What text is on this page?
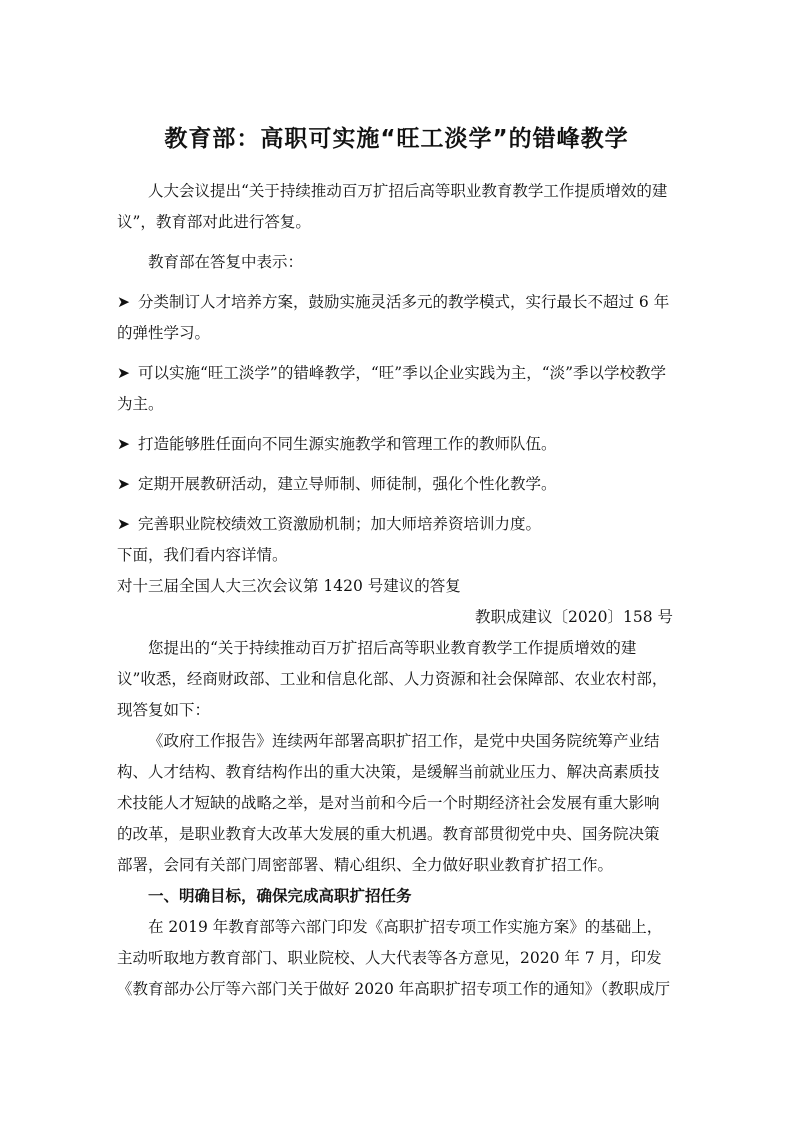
教育部：高职可实施“旺工淡学”的错峰教学

人大会议提出“关于持续推动百万扩招后高等职业教育教学工作提质增效的建议”，教育部对此进行答复。

教育部在答复中表示：

➤ 分类制订人才培养方案，鼓励实施灵活多元的教学模式，实行最长不超过 6 年的弹性学习。

➤ 可以实施“旺工淡学”的错峰教学，“旺”季以企业实践为主，“淡”季以学校教学为主。

➤ 打造能够胜任面向不同生源实施教学和管理工作的教师队伍。

➤ 定期开展教研活动，建立导师制、师徒制，强化个性化教学。

➤ 完善职业院校绩效工资激励机制；加大师培养资培训力度。

下面，我们看内容详情。

对十三届全国人大三次会议第 1420 号建议的答复

教职成建议〔2020〕158 号

您提出的“关于持续推动百万扩招后高等职业教育教学工作提质增效的建议”收悉，经商财政部、工业和信息化部、人力资源和社会保障部、农业农村部，现答复如下：

《政府工作报告》连续两年部署高职扩招工作，是党中央国务院统筹产业结构、人才结构、教育结构作出的重大决策，是缓解当前就业压力、解决高素质技术技能人才短缺的战略之举，是对当前和今后一个时期经济社会发展有重大影响的改革，是职业教育大改革大发展的重大机遇。教育部贯彻党中央、国务院决策部署，会同有关部门周密部署、精心组织、全力做好职业教育扩招工作。

一、明确目标，确保完成高职扩招任务

在 2019 年教育部等六部门印发《高职扩招专项工作实施方案》的基础上，主动听取地方教育部门、职业院校、人大代表等各方意见，2020 年 7 月，印发《教育部办公厅等六部门关于做好 2020 年高职扩招专项工作的通知》（教职成厅
